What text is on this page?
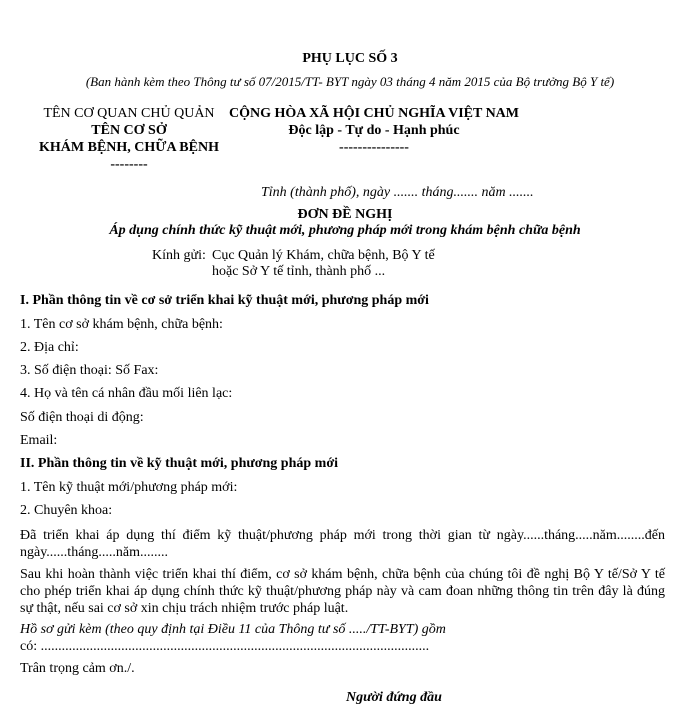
PHỤ LỤC SỐ 3
(Ban hành kèm theo Thông tư số 07/2015/TT- BYT ngày 03 tháng 4 năm 2015 của Bộ trưởng Bộ Y tế)
TÊN CƠ QUAN CHỦ QUẢN
TÊN CƠ SỞ
KHÁM BỆNH, CHỮA BỆNH
--------
CỘNG HÒA XÃ HỘI CHỦ NGHĨA VIỆT NAM
Độc lập - Tự do - Hạnh phúc
---------------
Tỉnh (thành phố), ngày ....... tháng....... năm .......
ĐƠN ĐỀ NGHỊ
Áp dụng chính thức kỹ thuật mới, phương pháp mới trong khám bệnh chữa bệnh
Kính gửi: Cục Quản lý Khám, chữa bệnh, Bộ Y tế
hoặc Sở Y tế tỉnh, thành phố ...
I. Phần thông tin về cơ sở triển khai kỹ thuật mới, phương pháp mới
1. Tên cơ sở khám bệnh, chữa bệnh:
2. Địa chỉ:
3. Số điện thoại: Số Fax:
4. Họ và tên cá nhân đầu mối liên lạc:
Số điện thoại di động:
Email:
II. Phần thông tin về kỹ thuật mới, phương pháp mới
1. Tên kỹ thuật mới/phương pháp mới:
2. Chuyên khoa:
Đã triển khai áp dụng thí điểm kỹ thuật/phương pháp mới trong thời gian từ ngày......tháng.....năm........đến ngày......tháng.....năm........
Sau khi hoàn thành việc triển khai thí điểm, cơ sở khám bệnh, chữa bệnh của chúng tôi đề nghị Bộ Y tế/Sở Y tế cho phép triển khai áp dụng chính thức kỹ thuật/phương pháp này và cam đoan những thông tin trên đây là đúng sự thật, nếu sai cơ sở xin chịu trách nhiệm trước pháp luật.
Hồ sơ gửi kèm (theo quy định tại Điều 11 của Thông tư số ...../TT-BYT) gồm
có: ...............................................................................................................
Trân trọng cảm ơn./.
Người đứng đầu
